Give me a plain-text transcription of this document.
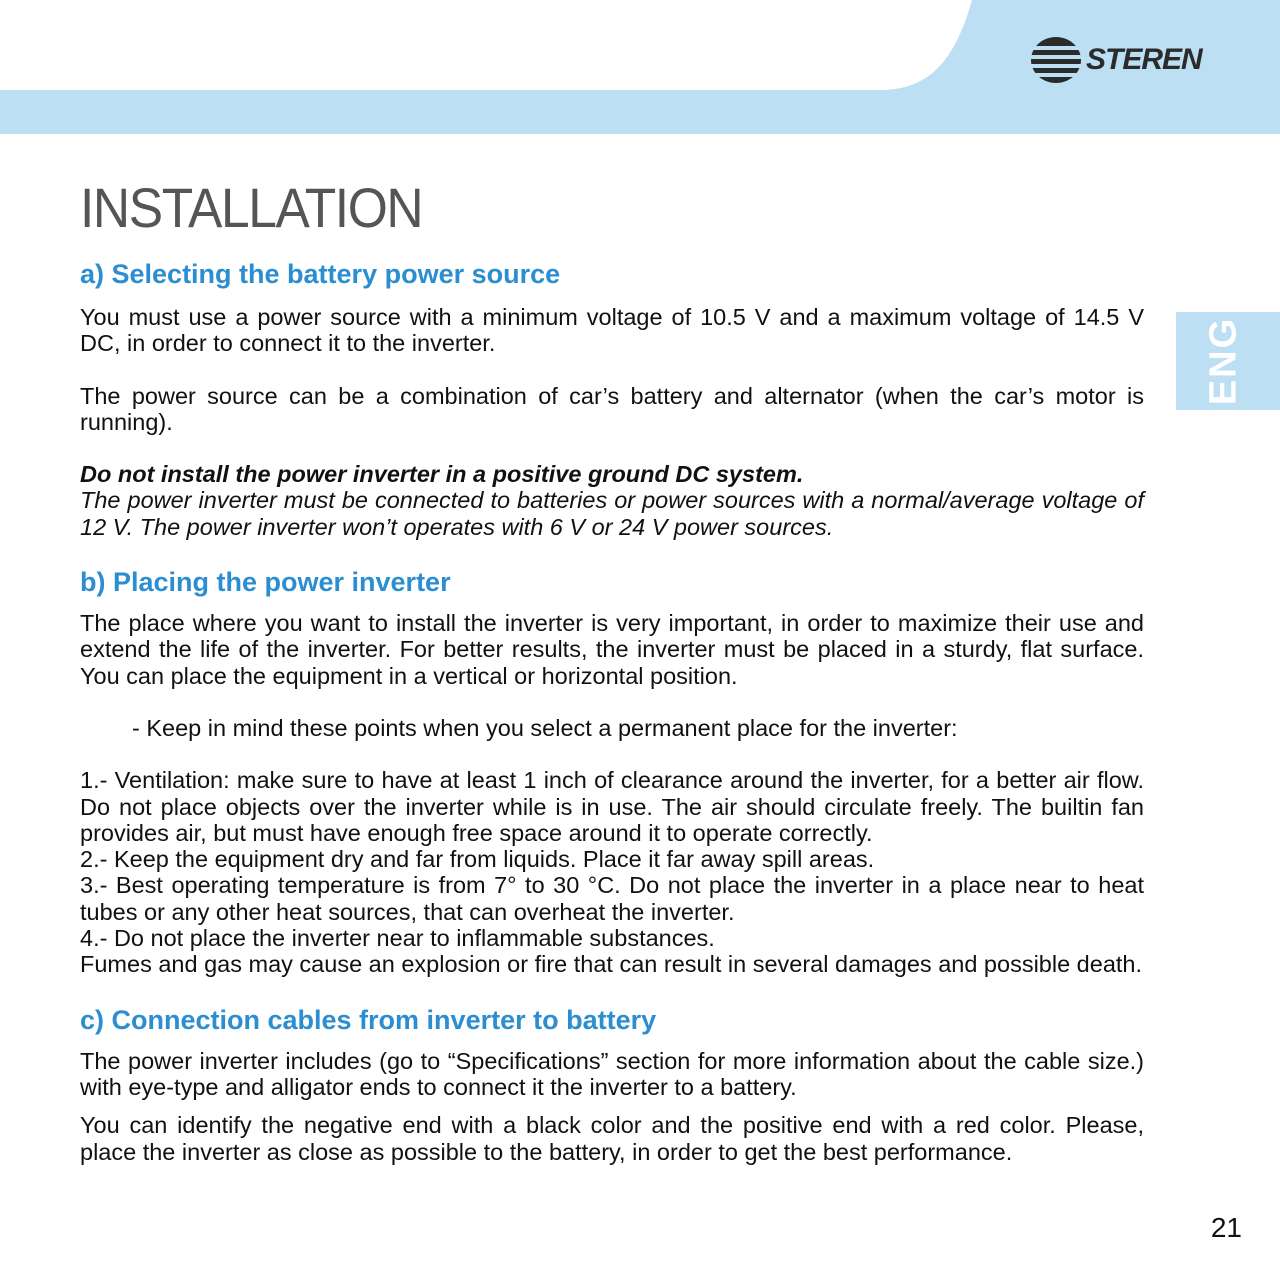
STEREN
ENG
INSTALLATION
a) Selecting the battery power source

You must use a power source with a minimum voltage of 10.5 V and a maximum voltage of 14.5 V DC, in order to connect it to the inverter.

The power source can be a combination of car’s battery and alternator (when the car’s motor is running).

Do not install the power inverter in a positive ground DC system.

The power inverter must be connected to batteries or power sources with a normal/average voltage of 12 V. The power inverter won’t operates with 6 V or 24 V power sources.

b) Placing the power inverter

The place where you want to install the inverter is very important, in order to maximize their use and extend the life of the inverter. For better results, the inverter must be placed in a sturdy, flat surface. You can place the equipment in a vertical or horizontal position.

- Keep in mind these points when you select a permanent place for the inverter:

1.- Ventilation: make sure to have at least 1 inch of clearance around the inverter, for a better air flow. Do not place objects over the inverter while is in use. The air should circulate freely. The builtin fan provides air, but must have enough free space around it to operate correctly.

2.- Keep the equipment dry and far from liquids. Place it far away spill areas.

3.- Best operating temperature is from 7° to 30 °C. Do not place the inverter in a place near to heat tubes or any other heat sources, that can overheat the inverter.

4.- Do not place the inverter near to inflammable substances.

Fumes and gas may cause an explosion or fire that can result in several damages and possible death.

c) Connection cables from inverter to battery

The power inverter includes (go to “Specifications” section for more information about the cable size.) with eye-type and alligator ends to connect it the inverter to a battery.

You can identify the negative end with a black color and the positive end with a red color. Please, place the inverter as close as possible to the battery, in order to get the best performance.

21
